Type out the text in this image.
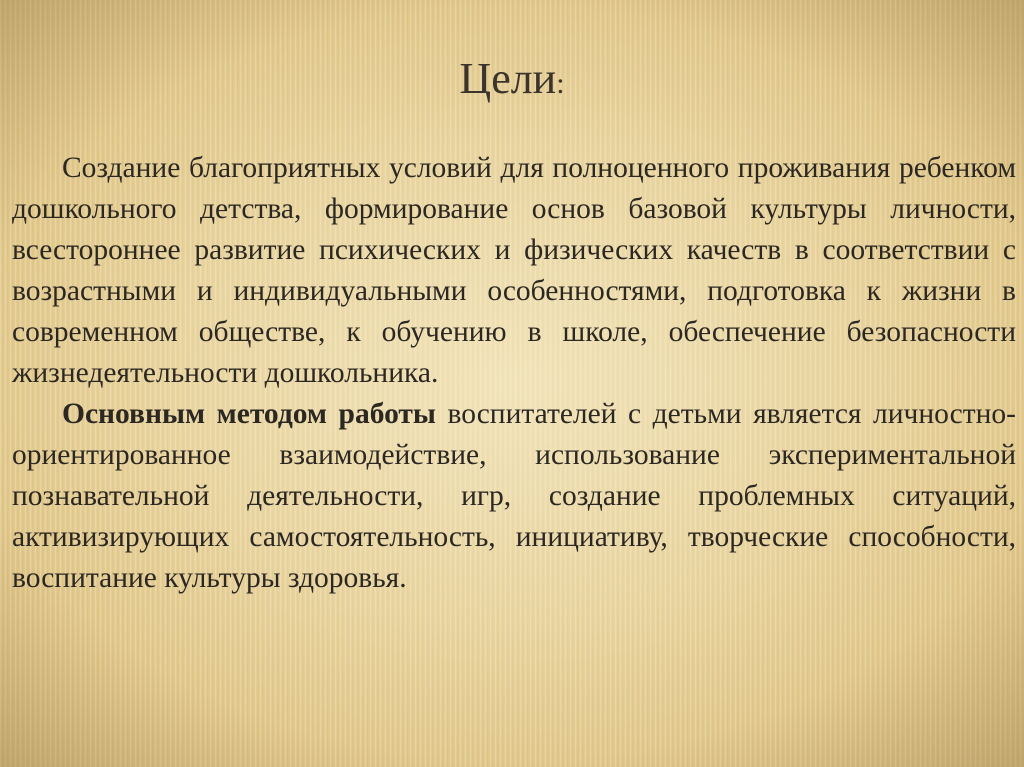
Цели:

Создание благоприятных условий для полноценного проживания ребенком дошкольного детства, формирование основ базовой культуры личности, всестороннее развитие психических и физических качеств в соответствии с возрастными и индивидуальными особенностями, подготовка к жизни в современном обществе, к обучению в школе, обеспечение безопасности жизнедеятельности дошкольника.

Основным методом работы воспитателей с детьми является личностно-ориентированное взаимодействие, использование экспериментальной познавательной деятельности, игр, создание проблемных ситуаций, активизирующих самостоятельность, инициативу, творческие способности, воспитание культуры здоровья.
